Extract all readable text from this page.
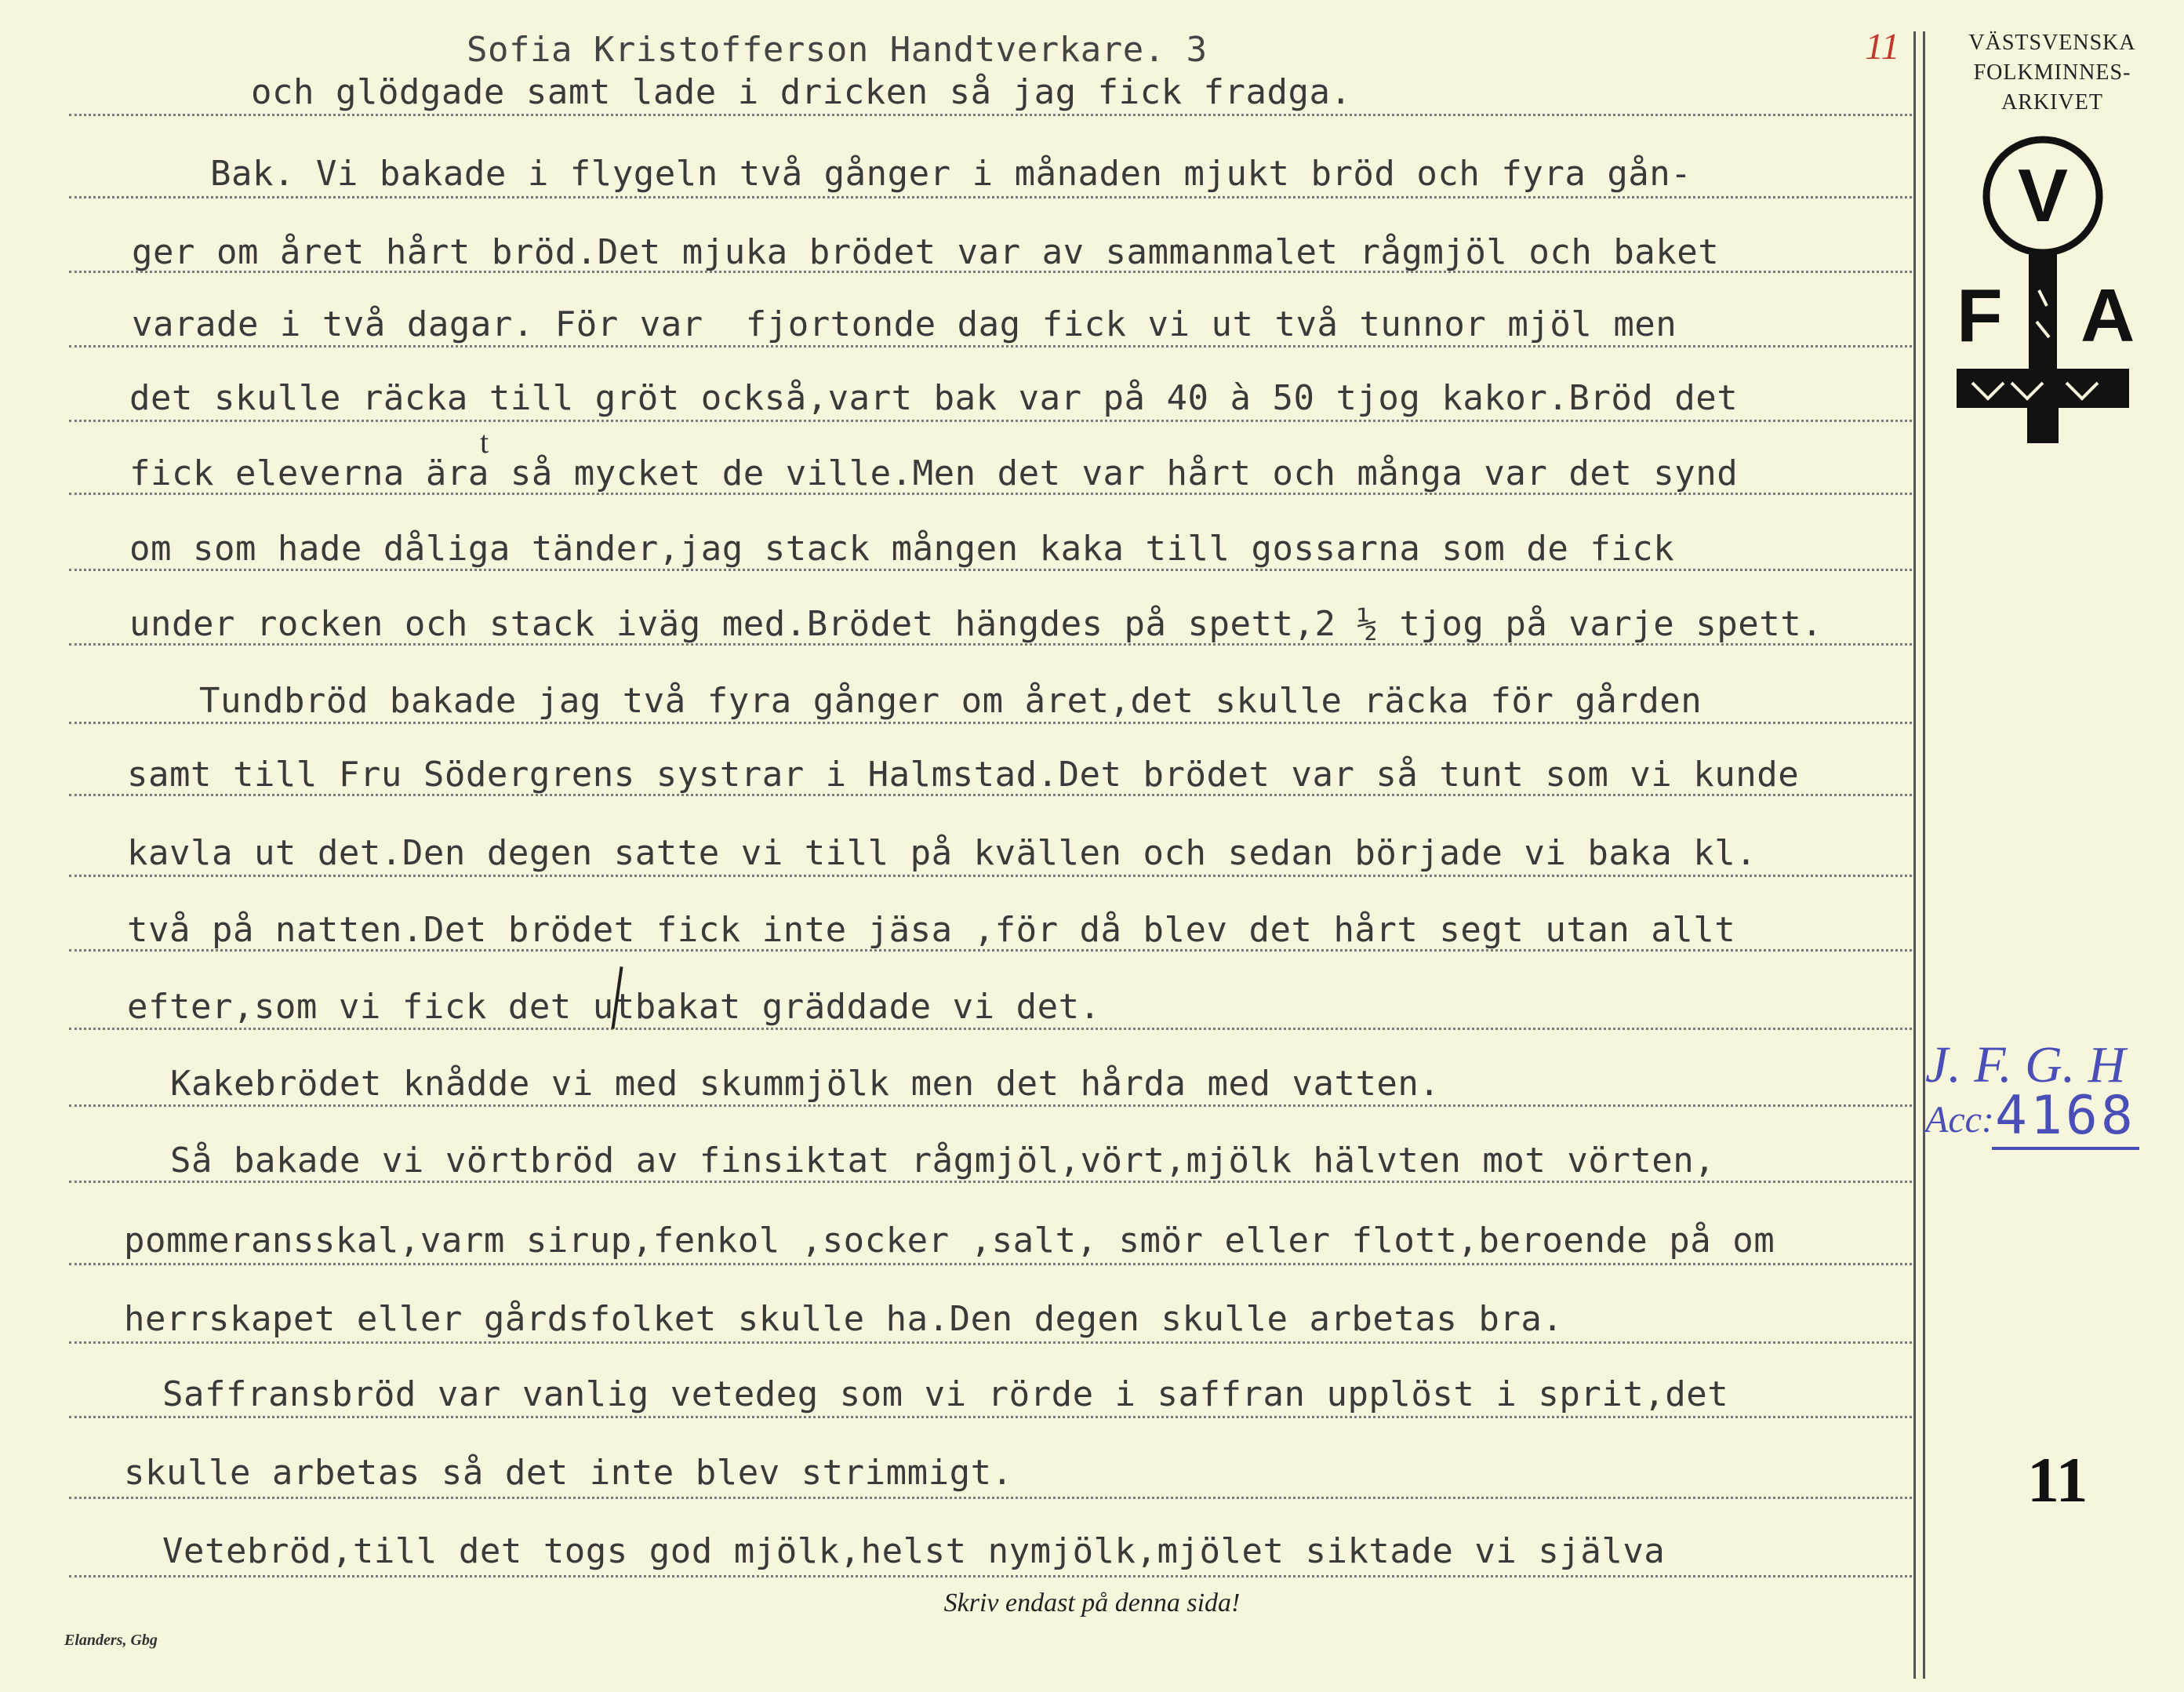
Sofia Kristofferson Handtverkare. 3	11
och glödgade samt lade i dricken så jag fick fradga.
Bak. Vi bakade i flygeln två gånger i månaden mjukt bröd och fyra gån-
ger om året hårt bröd.Det mjuka brödet var av sammanmalet rågmjöl och baket
varade i två dagar. För var  fjortonde dag fick vi ut två tunnor mjöl men
det skulle räcka till gröt också,vart bak var på 40 à 50 tjog kakor.Bröd det
fick eleverna ära så mycket de ville.Men det var hårt och många var det synd
om som hade dåliga tänder,jag stack mången kaka till gossarna som de fick
under rocken och stack iväg med.Brödet hängdes på spett,2 ½ tjog på varje spett.
Tundbröd bakade jag två fyra gånger om året,det skulle räcka för gården
samt till Fru Södergrens systrar i Halmstad.Det brödet var så tunt som vi kunde
kavla ut det.Den degen satte vi till på kvällen och sedan började vi baka kl.
två på natten.Det brödet fick inte jäsa ,för då blev det hårt segt utan allt
efter,som vi fick det utbakat gräddade vi det.
Kakebrödet knådde vi med skummjölk men det hårda med vatten.
Så bakade vi vörtbröd av finsiktat rågmjöl,vört,mjölk hälvten mot vörten,
pommeransskal,varm sirup,fenkol ,socker ,salt, smör eller flott,beroende på om
herrskapet eller gårdsfolket skulle ha.Den degen skulle arbetas bra.
Saffransbröd var vanlig vetedeg som vi rörde i saffran upplöst i sprit,det
skulle arbetas så det inte blev strimmigt.
Vetebröd,till det togs god mjölk,helst nymjölk,mjölet siktade vi själva
t
VÄSTSVENSKA
FOLKMINNES-
ARKIVET
V
F A
J. F. G. H
Acc: 4168
11
Skriv endast på denna sida!
Elanders, Gbg
